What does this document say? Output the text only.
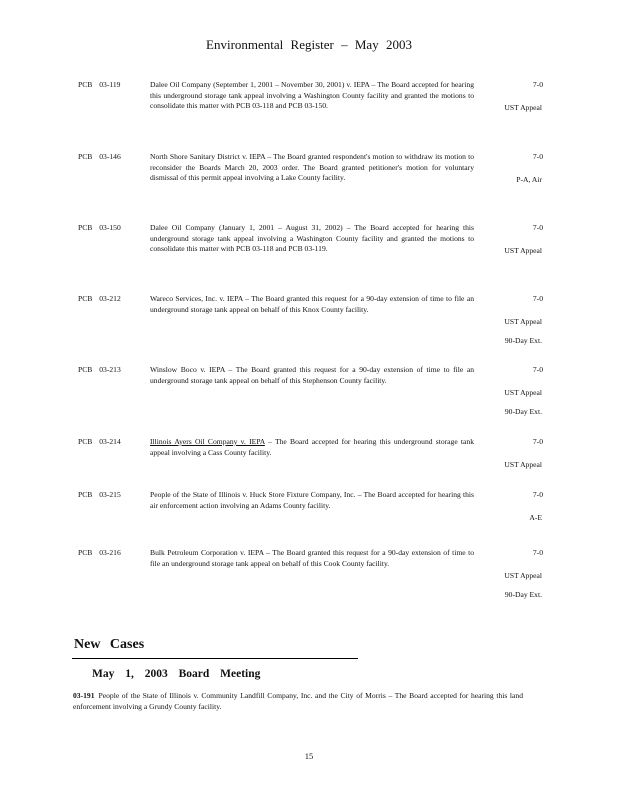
Environmental Register – May 2003
PCB 03-119	Dalee Oil Company (September 1, 2001 – November 30, 2001) v. IEPA – The Board accepted for hearing this underground storage tank appeal involving a Washington County facility and granted the motions to consolidate this matter with PCB 03-118 and PCB 03-150.
7-0
UST Appeal
PCB 03-146	North Shore Sanitary District v. IEPA – The Board granted respondent's motion to withdraw its motion to reconsider the Boards March 20, 2003 order. The Board granted petitioner's motion for voluntary dismissal of this permit appeal involving a Lake County facility.
7-0
P-A, Air
PCB 03-150	Dalee Oil Company (January 1, 2001 – August 31, 2002) – The Board accepted for hearing this underground storage tank appeal involving a Washington County facility and granted the motions to consolidate this matter with PCB 03-118 and PCB 03-119.
7-0
UST Appeal
PCB 03-212	Wareco Services, Inc. v. IEPA – The Board granted this request for a 90-day extension of time to file an underground storage tank appeal on behalf of this Knox County facility.
7-0
UST Appeal
90-Day Ext.
PCB 03-213	Winslow Boco v. IEPA – The Board granted this request for a 90-day extension of time to file an underground storage tank appeal on behalf of this Stephenson County facility.
7-0
UST Appeal
90-Day Ext.
PCB 03-214	Illinois Ayers Oil Company v. IEPA – The Board accepted for hearing this underground storage tank appeal involving a Cass County facility.
7-0
UST Appeal
PCB 03-215	People of the State of Illinois v. Huck Store Fixture Company, Inc. – The Board accepted for hearing this air enforcement action involving an Adams County facility.
7-0
A-E
PCB 03-216	Bulk Petroleum Corporation v. IEPA – The Board granted this request for a 90-day extension of time to file an underground storage tank appeal on behalf of this Cook County facility.
7-0
UST Appeal
90-Day Ext.
New Cases
May 1, 2003 Board Meeting
03-191 People of the State of Illinois v. Community Landfill Company, Inc. and the City of Morris – The Board accepted for hearing this land enforcement involving a Grundy County facility.
15
